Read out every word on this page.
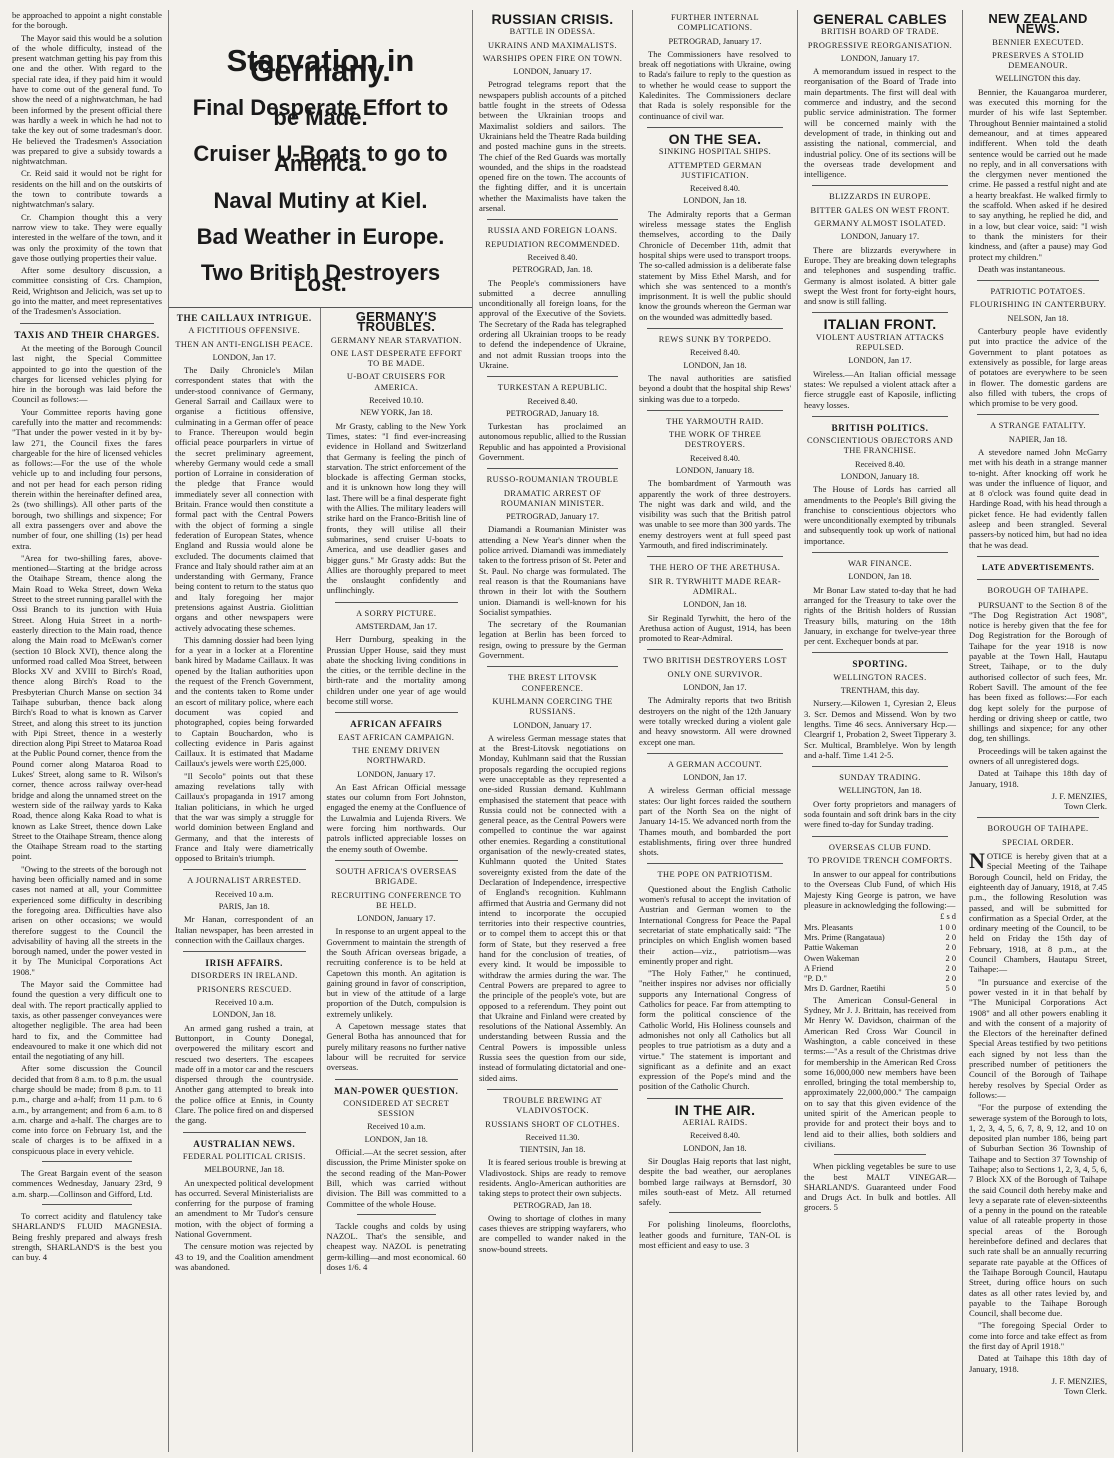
be approached to appoint a night constable for the borough.

The Mayor said this would be a solution of the whole difficulty, instead of the present watchman getting his pay from this one and the other. With regard to the special rate idea, if they paid him it would have to come out of the general fund. To show the need of a nightwatchman, he had been informed by the present official there was hardly a week in which he had not to take the key out of some tradesman's door. He believed the Tradesmen's Association was prepared to give a subsidy towards a nightwatchman.

Cr. Reid said it would not be right for residents on the hill and on the outskirts of the town to contribute towards a nightwatchman's salary.

Cr. Champion thought this a very narrow view to take. They were equally interested in the welfare of the town, and it was only the proximity of the town that gave those outlying properties their value.

After some desultory discussion, a committee consisting of Crs. Champion, Reid, Wrightson and Jelicich, was set up to go into the matter, and meet representatives of the Tradesmen's Association.

TAXIS AND THEIR CHARGES.

At the meeting of the Borough Council last night, the Special Committee appointed to go into the question of the charges for licensed vehicles plying for hire in the borough was laid before the Council as follows:—

Your Committee reports having gone carefully into the matter and recommends: "That under the power vested in it by by-law 271, the Council fixes the fares chargeable for the hire of licensed vehicles as follows:—For the use of the whole vehicle up to and including four persons, and not per head for each person riding therein within the hereinafter defined area, 2s (two shillings). All other parts of the borough, two shillings and sixpence; For all extra passengers over and above the number of four, one shilling (1s) per head extra.

"Area for two-shilling fares, above-mentioned—Starting at the bridge across the Otaihape Stream, thence along the Main Road to Weka Street, down Weka Street to the street running parallel with the Ossi Branch to its junction with Huia Street. Along Huia Street in a north-easterly direction to the Main road, thence along the Main road to McEwan's corner (section 10 Block XVI), thence along the unformed road called Moa Street, between Blocks XV and XVIII to Birch's Road, thence along Birch's Road to the Presbyterian Church Manse on section 34 Taihape suburban, thence back along Birch's Road to what is known as Carver Street, and along this street to its junction with Pipi Street, thence in a westerly direction along Pipi Street to Mataroa Road at the Public Pound corner, thence from the Pound corner along Mataroa Road to Lukes' Street, along same to R. Wilson's corner, thence across railway over-head bridge and along the unnamed street on the western side of the railway yards to Kaka Road, thence along Kaka Road to what is known as Lake Street, thence down Lake Street to the Otaihape Stream, thence along the Otaihape Stream road to the starting point.

"Owing to the streets of the borough not having been officially named and in some cases not named at all, your Committee experienced some difficulty in describing the foregoing area. Difficulties have also arisen on other occasions; we would therefore suggest to the Council the advisability of having all the streets in the borough named, under the power vested in it by The Municipal Corporations Act 1908."

The Mayor said the Committee had found the question a very difficult one to deal with. The report practically applied to taxis, as other passenger conveyances were altogether negligible. The area had been hard to fix, and the Committee had endeavoured to make it one which did not entail the negotiating of any hill.

After some discussion the Council decided that from 8 a.m. to 8 p.m. the usual charge should be made; from 8 p.m. to 11 p.m., charge and a-half; from 11 p.m. to 6 a.m., by arrangement; and from 6 a.m. to 8 a.m. charge and a-half. The charges are to come into force on February 1st, and the scale of charges is to be affixed in a conspicuous place in every vehicle.

The Great Bargain event of the season commences Wednesday, January 23rd, 9 a.m. sharp.—Collinson and Gifford, Ltd.

To correct acidity and flatulency take SHARLAND'S FLUID MAGNESIA. Being freshly prepared and always fresh strength, SHARLAND'S is the best you can buy. 4

Starvation in Germany.
Final Desperate Effort to be Made.
Cruiser U-Boats to go to America.
Naval Mutiny at Kiel.
Bad Weather in Europe.
Two British Destroyers Lost.
THE CAILLAUX INTRIGUE.
A FICTITIOUS OFFENSIVE.
THEN AN ANTI-ENGLISH PEACE.
LONDON, Jan 17.

The Daily Chronicle's Milan correspondent states that with the under-stood connivance of Germany, General Sarrail and Caillaux were to organise a fictitious offensive, culminating in a German offer of peace to France. Thereupon would begin official peace pourparlers in virtue of the secret preliminary agreement, whereby Germany would cede a small portion of Lorraine in consideration of the pledge that France would immediately sever all connection with Britain. France would then constitute a formal pact with the Central Powers with the object of forming a single federation of European States, whence England and Russia would alone be excluded. The documents claimed that France and Italy should rather aim at an understanding with Germany, France being content to return to the status quo and Italy foregoing her major pretensions against Austria. Giolittian organs and other newspapers were actively advocating these schemes.

This damning dossier had been lying for a year in a locker at a Florentine bank hired by Madame Caillaux. It was opened by the Italian authorities upon the request of the French Government, and the contents taken to Rome under an escort of military police, where each document was copied and photographed, copies being forwarded to Captain Bouchardon, who is collecting evidence in Paris against Caillaux. It is estimated that Madame Caillaux's jewels were worth £25,000.

"Il Secolo" points out that these amazing revelations tally with Caillaux's propaganda in 1917 among Italian politicians, in which he urged that the war was simply a struggle for world dominion between England and Germany, and that the interests of France and Italy were diametrically opposed to Britain's triumph.

A JOURNALIST ARRESTED.
Received 10 a.m.
PARIS, Jan 18.

Mr Hanan, correspondent of an Italian newspaper, has been arrested in connection with the Caillaux charges.

IRISH AFFAIRS.
DISORDERS IN IRELAND.
PRISONERS RESCUED.
Received 10 a.m.
LONDON, Jan 18.

An armed gang rushed a train, at Buttonport, in County Donegal, overpowered the military escort and rescued two deserters. The escapees made off in a motor car and the rescuers dispersed through the countryside. Another gang attempted to break into the police office at Ennis, in County Clare. The police fired on and dispersed the gang.

AUSTRALIAN NEWS.
FEDERAL POLITICAL CRISIS.
MELBOURNE, Jan 18.

An unexpected political development has occurred. Several Ministerialists are conferring for the purpose of framing an amendment to Mr Tudor's censure motion, with the object of forming a National Government.

The censure motion was rejected by 43 to 19, and the Coalition amendment was abandoned.

GERMANY'S TROUBLES.
GERMANY NEAR STARVATION.
ONE LAST DESPERATE EFFORT TO BE MADE.
U-BOAT CRUISERS FOR AMERICA.
Received 10.10.
NEW YORK, Jan 18.

Mr Grasty, cabling to the New York Times, states: "I find ever-increasing evidence in Holland and Switzerland that Germany is feeling the pinch of starvation. The strict enforcement of the blockade is affecting German stocks, and it is unknown how long they will last. There will be a final desperate fight with the Allies. The military leaders will strike hard on the Franco-British line of fronts, they will utilise all their submarines, send cruiser U-boats to America, and use deadlier gases and bigger guns." Mr Grasty adds: But the Allies are thoroughly prepared to meet the onslaught confidently and unflinchingly.

A SORRY PICTURE.
AMSTERDAM, Jan 17.

Herr Durnburg, speaking in the Prussian Upper House, said they must abate the shocking living conditions in the cities, or the terrible decline in the birth-rate and the mortality among children under one year of age would become still worse.

AFRICAN AFFAIRS
EAST AFRICAN CAMPAIGN.
THE ENEMY DRIVEN NORTHWARD.
LONDON, January 17.

An East African Official message states our column from Fort Johnston, engaged the enemy at the Confluence of the Luwalmia and Lujenda Rivers. We were forcing him northwards. Our patrols inflicted appreciable losses on the enemy south of Owembe.

SOUTH AFRICA'S OVERSEAS BRIGADE.
RECRUITING CONFERENCE TO BE HELD.
LONDON, January 17.

In response to an urgent appeal to the Government to maintain the strength of the South African overseas brigade, a recruiting conference is to be held at Capetown this month. An agitation is gaining ground in favor of conscription, but in view of the attitude of a large proportion of the Dutch, compulsion is extremely unlikely.

A Capetown message states that General Botha has announced that for purely military reasons no further native labour will be recruited for service overseas.

MAN-POWER QUESTION.
CONSIDERED AT SECRET SESSION
Received 10 a.m.
LONDON, Jan 18.

Official.—At the secret session, after discussion, the Prime Minister spoke on the second reading of the Man-Power Bill, which was carried without division. The Bill was committed to a Committee of the whole House.

Tackle coughs and colds by using NAZOL. That's the sensible, and cheapest way. NAZOL is penetrating germ-killing—and most economical. 60 doses 1/6. 4

RUSSIAN CRISIS.
BATTLE IN ODESSA.
UKRAINS AND MAXIMALISTS.
WARSHIPS OPEN FIRE ON TOWN.
LONDON, January 17.

Petrograd telegrams report that the newspapers publish accounts of a pitched battle fought in the streets of Odessa between the Ukrainian troops and Maximalist soldiers and sailors. The Ukrainians held the Theatre Rada building and posted machine guns in the streets. The chief of the Red Guards was mortally wounded, and the ships in the roadstead opened fire on the town. The accounts of the fighting differ, and it is uncertain whether the Maximalists have taken the arsenal.

RUSSIA AND FOREIGN LOANS.
REPUDIATION RECOMMENDED.
Received 8.40.
PETROGRAD, Jan. 18.

The People's commissioners have submitted a decree annulling unconditionally all foreign loans, for the approval of the Executive of the Soviets. The Secretary of the Rada has telegraphed ordering all Ukrainian troops to be ready to defend the independence of Ukraine, and not admit Russian troops into the Ukraine.

TURKESTAN A REPUBLIC.
Received 8.40.
PETROGRAD, January 18.

Turkestan has proclaimed an autonomous republic, allied to the Russian Republic and has appointed a Provisional Government.

RUSSO-ROUMANIAN TROUBLE
DRAMATIC ARREST OF ROUMANIAN MINISTER.
PETROGRAD, January 17.

Diamandi a Roumanian Minister was attending a New Year's dinner when the police arrived. Diamandi was immediately taken to the fortress prison of St. Peter and St. Paul. No charge was formulated. The real reason is that the Roumanians have thrown in their lot with the Southern union. Diamandi is well-known for his Socialist sympathies.

The secretary of the Roumanian legation at Berlin has been forced to resign, owing to pressure by the German Government.

THE BREST LITOVSK CONFERENCE.
KUHLMANN COERCING THE RUSSIANS.
LONDON, January 17.

A wireless German message states that at the Brest-Litovsk negotiations on Monday, Kuhlmann said that the Russian proposals regarding the occupied regions were unacceptable as they represented a one-sided Russian demand. Kuhlmann emphasised the statement that peace with Russia could not be connected with a general peace, as the Central Powers were compelled to continue the war against other enemies. Regarding a constitutional organisation of the newly-created states, Kuhlmann quoted the United States sovereignty existed from the date of the Declaration of Independence, irrespective of England's recognition. Kuhlmann affirmed that Austria and Germany did not intend to incorporate the occupied territories into their respective countries, or to compel them to accept this or that form of State, but they reserved a free hand for the conclusion of treaties, of every kind. It would be impossible to withdraw the armies during the war. The Central Powers are prepared to agree to the principle of the people's vote, but are opposed to a referendum. They point out that Ukraine and Finland were created by resolutions of the National Assembly. An understanding between Russia and the Central Powers is impossible unless Russia sees the question from our side, instead of formulating dictatorial and one-sided aims.

TROUBLE BREWING AT VLADIVOSTOCK.
RUSSIANS SHORT OF CLOTHES.
Received 11.30.
TIENTSIN, Jan 18.

It is feared serious trouble is brewing at Vladivostock. Ships are ready to remove residents. Anglo-American authorities are taking steps to protect their own subjects.

PETROGRAD, Jan 18.

Owing to shortage of clothes in many cases thieves are stripping wayfarers, who are compelled to wander naked in the snow-bound streets.

FURTHER INTERNAL COMPLICATIONS.
PETROGRAD, January 17.

The Commissioners have resolved to break off negotiations with Ukraine, owing to Rada's failure to reply to the question as to whether he would cease to support the Kaledinites. The Commissioners declare that Rada is solely responsible for the continuance of civil war.

ON THE SEA.
SINKING HOSPITAL SHIPS.
ATTEMPTED GERMAN JUSTIFICATION.
Received 8.40.
LONDON, Jan 18.

The Admiralty reports that a German wireless message states the English themselves, according to the Daily Chronicle of December 11th, admit that hospital ships were used to transport troops. The so-called admission is a deliberate false statement by Miss Ethel Marsh, and for which she was sentenced to a month's imprisonment. It is well the public should know the grounds whereon the German war on the wounded was admittedly based.

REWS SUNK BY TORPEDO.
Received 8.40.
LONDON, Jan 18.

The naval authorities are satisfied beyond a doubt that the hospital ship Rews' sinking was due to a torpedo.

THE YARMOUTH RAID.
THE WORK OF THREE DESTROYERS.
Received 8.40.
LONDON, January 18.

The bombardment of Yarmouth was apparently the work of three destroyers. The night was dark and wild, and the visibility was such that the British patrol was unable to see more than 300 yards. The enemy destroyers went at full speed past Yarmouth, and fired indiscriminately.

THE HERO OF THE ARETHUSA.
SIR R. TYRWHITT MADE REAR-ADMIRAL.
LONDON, Jan 18.

Sir Reginald Tyrwhitt, the hero of the Arethusa action of August, 1914, has been promoted to Rear-Admiral.

TWO BRITISH DESTROYERS LOST
ONLY ONE SURVIVOR.
LONDON, Jan 17.

The Admiralty reports that two British destroyers on the night of the 12th January were totally wrecked during a violent gale and heavy snowstorm. All were drowned except one man.

A GERMAN ACCOUNT.
LONDON, Jan 17.

A wireless German official message states: Our light forces raided the southern part of the North Sea on the night of January 14-15. We advanced north from the Thames mouth, and bombarded the port establishments, firing over three hundred shots.

THE POPE ON PATRIOTISM.

Questioned about the English Catholic women's refusal to accept the invitation of Austrian and German women to the International Congress for Peace the Papal secretariat of state emphatically said: "The principles on which English women based their action—viz., patriotism—was eminently proper and right.

"The Holy Father," he continued, "neither inspires nor advises nor officially supports any International Congress of Catholics for peace. Far from attempting to form the political conscience of the Catholic World, His Holiness counsels and admonishes not only all Catholics but all peoples to true patriotism as a duty and a virtue." The statement is important and significant as a definite and an exact expression of the Pope's mind and the position of the Catholic Church.

IN THE AIR.
AERIAL RAIDS.
Received 8.40.
LONDON, Jan 18.

Sir Douglas Haig reports that last night, despite the bad weather, our aeroplanes bombed large railways at Bernsdorf, 30 miles south-east of Metz. All returned safely.

For polishing linoleums, floorcloths, leather goods and furniture, TAN-OL is most efficient and easy to use. 3

GENERAL CABLES
BRITISH BOARD OF TRADE.
PROGRESSIVE REORGANISATION.
LONDON, January 17.

A memorandum issued in respect to the reorganisation of the Board of Trade into main departments. The first will deal with commerce and industry, and the second public service administration. The former will be concerned mainly with the development of trade, in thinking out and assisting the national, commercial, and industrial policy. One of its sections will be the overseas trade development and intelligence.

BLIZZARDS IN EUROPE.
BITTER GALES ON WEST FRONT.
GERMANY ALMOST ISOLATED.
LONDON, January 17.

There are blizzards everywhere in Europe. They are breaking down telegraphs and telephones and suspending traffic. Germany is almost isolated. A bitter gale swept the West front for forty-eight hours, and snow is still falling.

ITALIAN FRONT.
VIOLENT AUSTRIAN ATTACKS REPULSED.
LONDON, Jan 17.

Wireless.—An Italian official message states: We repulsed a violent attack after a fierce struggle east of Kaposile, inflicting heavy losses.

BRITISH POLITICS.
CONSCIENTIOUS OBJECTORS AND THE FRANCHISE.
Received 8.40.
LONDON, January 18.

The House of Lords has carried all amendments to the People's Bill giving the franchise to conscientious objectors who were unconditionally exempted by tribunals and subsequently took up work of national importance.

WAR FINANCE.
LONDON, Jan 18.

Mr Bonar Law stated to-day that he had arranged for the Treasury to take over the rights of the British holders of Russian Treasury bills, maturing on the 18th January, in exchange for twelve-year three per cent. Exchequer bonds at par.

SPORTING.
WELLINGTON RACES.
TRENTHAM, this day.

Nursery.—Kilowen 1, Cyresian 2, Eleus 3. Scr. Demos and Missend. Won by two lengths. Time 46 secs. Anniversary Hcp.—Cleargrif 1, Probation 2, Sweet Tipperary 3. Scr. Multical, Bramblelye. Won by length and a-half. Time 1.41 2-5.

SUNDAY TRADING.
WELLINGTON, Jan 18.

Over forty proprietors and managers of soda fountain and soft drink bars in the city were fined to-day for Sunday trading.

OVERSEAS CLUB FUND.
TO PROVIDE TRENCH COMFORTS.

In answer to our appeal for contributions to the Overseas Club Fund, of which His Majesty King George is patron, we have pleasure in acknowledging the following:—

£ s d
Mrs. Pleasants	1 0 0
Mrs. Prime (Rangataua)	2 0
Pattie Wakeman	2 0
Owen Wakeman	2 0
A Friend	2 0
"P. D."	2 0
Mrs D. Gardner, Raetihi	5 0

The American Consul-General in Sydney, Mr J. J. Brittain, has received from Mr Henry W. Davidson, chairman of the American Red Cross War Council in Washington, a cable conceived in these terms:—"As a result of the Christmas drive for membership in the American Red Cross some 16,000,000 new members have been enrolled, bringing the total membership to, approximately 22,000,000." The campaign on to say that this given evidence of the united spirit of the American people to provide for and protect their boys and to lend aid to their allies, both soldiers and civilians.

When pickling vegetables be sure to use the best MALT VINEGAR—SHARLAND'S. Guaranteed under Food and Drugs Act. In bulk and bottles. All grocers. 5

NEW ZEALAND NEWS.
BENNIER EXECUTED.
PRESERVES A STOLID DEMEANOUR.
WELLINGTON this day.

Bennier, the Kauangaroa murderer, was executed this morning for the murder of his wife last September. Throughout Bennier maintained a stolid demeanour, and at times appeared indifferent. When told the death sentence would be carried out he made no reply, and in all conversations with the clergymen never mentioned the crime. He passed a restful night and ate a hearty breakfast. He walked firmly to the scaffold. When asked if he desired to say anything, he replied he did, and in a low, but clear voice, said: "I wish to thank the ministers for their kindness, and (after a pause) may God protect my children."

Death was instantaneous.

PATRIOTIC POTATOES.
FLOURISHING IN CANTERBURY.
NELSON, Jan 18.

Canterbury people have evidently put into practice the advice of the Government to plant potatoes as extensively as possible, for large areas of potatoes are everywhere to be seen in flower. The domestic gardens are also filled with tubers, the crops of which promise to be very good.

A STRANGE FATALITY.
NAPIER, Jan 18.

A stevedore named John McGarry met with his death in a strange manner to-night. After knocking off work he was under the influence of liquor, and at 8 o'clock was found quite dead in Hardinge Road, with his head through a picket fence. He had evidently fallen asleep and been strangled. Several passers-by noticed him, but had no idea that he was dead.

LATE ADVERTISEMENTS.
BOROUGH OF TAIHAPE.

PURSUANT to the Section 8 of the "The Dog Registration Act 1908", notice is hereby given that the fee for Dog Registration for the Borough of Taihape for the year 1918 is now payable at the Town Hall, Hautapu Street, Taihape, or to the duly authorised collector of such fees, Mr. Robert Savill. The amount of the fee has been fixed as follows:—For each dog kept solely for the purpose of herding or driving sheep or cattle, two shillings and sixpence; for any other dog, ten shillings.

Proceedings will be taken against the owners of all unregistered dogs.

Dated at Taihape this 18th day of January, 1918.

J. F. MENZIES,
Town Clerk.
BOROUGH OF TAIHAPE.
SPECIAL ORDER.

NOTICE is hereby given that at a Special Meeting of the Taihape Borough Council, held on Friday, the eighteenth day of January, 1918, at 7.45 p.m., the following Resolution was passed, and will be submitted for confirmation as a Special Order, at the ordinary meeting of the Council, to be held on Friday the 15th day of February, 1918, at 8 p.m., at the Council Chambers, Hautapu Street, Taihape:—

"In pursuance and exercise of the power vested in it in that behalf by "The Municipal Corporations Act 1908" and all other powers enabling it and with the consent of a majority of the Electors of the hereinafter defined Special Areas testified by two petitions each signed by not less than the prescribed number of petitioners the Council of the Borough of Taihape hereby resolves by Special Order as follows:—

"For the purpose of extending the sewerage system of the Borough to lots, 1, 2, 3, 4, 5, 6, 7, 8, 9, 12, and 10 on deposited plan number 186, being part of Suburban Section 36 Township of Taihape and to Section 37 Township of Taihape; also to Sections 1, 2, 3, 4, 5, 6, 7 Block XX of the Borough of Taihape the said Council doth hereby make and levy a separate rate of eleven-sixteenths of a penny in the pound on the rateable value of all rateable property in those special areas of the Borough hereinbefore defined and declares that such rate shall be an annually recurring separate rate payable at the Offices of the Taihape Borough Council, Hautapu Street, during office hours on such dates as all other rates levied by, and payable to the Taihape Borough Council, shall become due.

"The foregoing Special Order to come into force and take effect as from the first day of April 1918."

Dated at Taihape this 18th day of January, 1918.

J. F. MENZIES,
Town Clerk.
